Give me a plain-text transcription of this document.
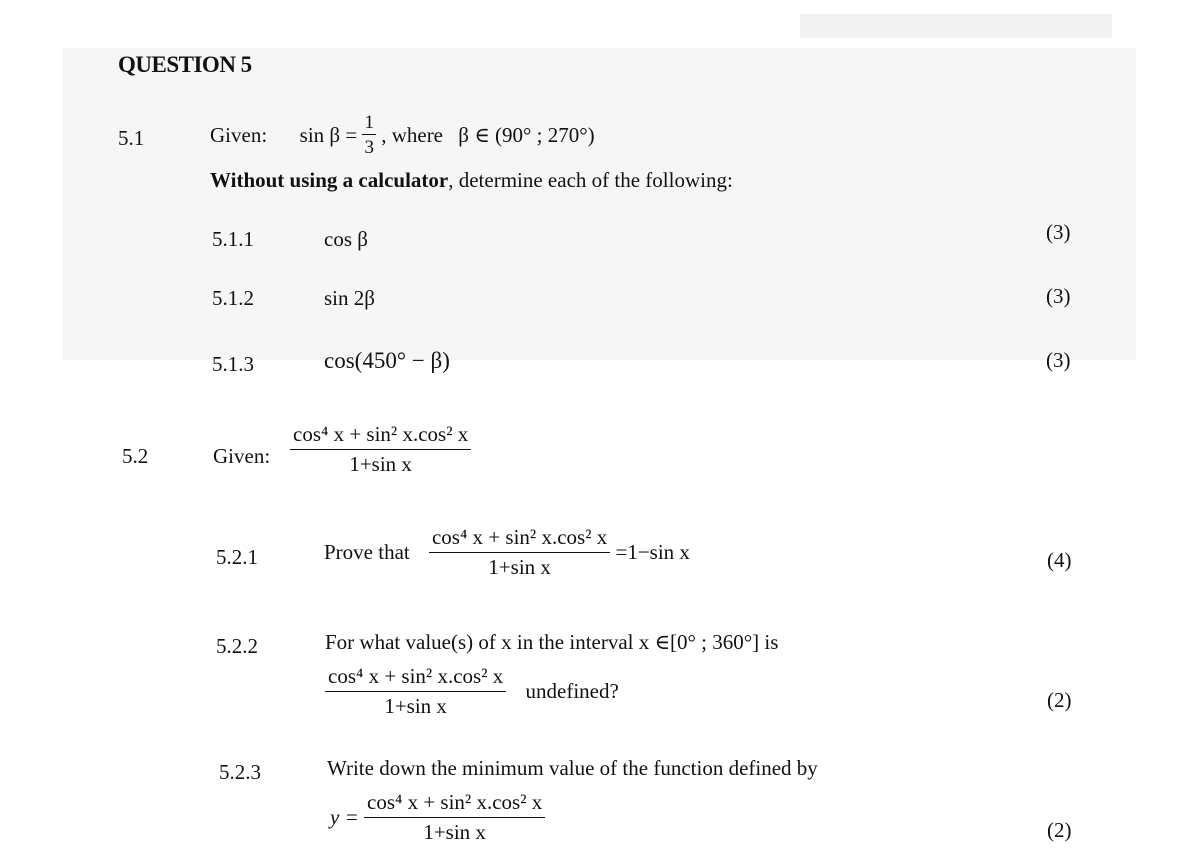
QUESTION 5
5.1	Given: $\sin \beta = \frac{1}{3}$ , where β ∈ (90° ; 270°)
Without using a calculator, determine each of the following:
5.1.1	cos β	(3)
5.1.2	sin 2β	(3)
5.1.3	cos(450° − β)	(3)
5.2	Given: $\frac{\text{cos⁴ x + sin² x.cos² x}}{\text{1+sin x}}$
5.2.1	Prove that $\frac{\text{cos⁴ x + sin² x.cos² x}}{\text{1+sin x}} =1-\sin$ x	(4)
5.2.2	For what value(s) of x in the interval x ∈[0° ; 360°] is
$\frac{\text{cos⁴ x + sin² x.cos² x}}{\text{1+sin x}}$ undefined?	(2)
5.2.3	Write down the minimum value of the function defined by
$y = \frac{\text{cos⁴ x + sin² x.cos² x}}{\text{1+sin x}}$	(2)
